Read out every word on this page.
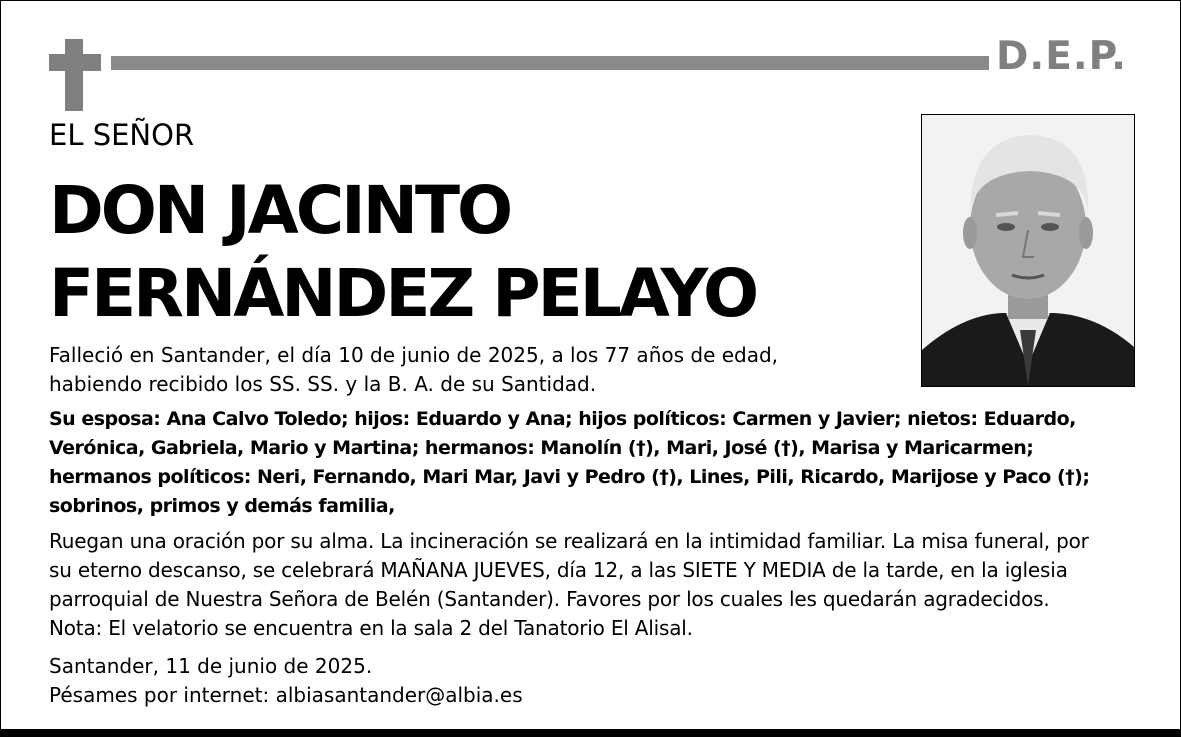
D.E.P.
EL SEÑOR
DON JACINTO
FERNÁNDEZ PELAYO

Falleció en Santander, el día 10 de junio de 2025, a los 77 años de edad,
habiendo recibido los SS. SS. y la B. A. de su Santidad.

Su esposa: Ana Calvo Toledo; hijos: Eduardo y Ana; hijos políticos: Carmen y Javier; nietos: Eduardo,
Verónica, Gabriela, Mario y Martina; hermanos: Manolín (†), Mari, José (†), Marisa y Maricarmen;
hermanos políticos: Neri, Fernando, Mari Mar, Javi y Pedro (†), Lines, Pili, Ricardo, Marijose y Paco (†);
sobrinos, primos y demás familia,

Ruegan una oración por su alma. La incineración se realizará en la intimidad familiar. La misa funeral, por
su eterno descanso, se celebrará MAÑANA JUEVES, día 12, a las SIETE Y MEDIA de la tarde, en la iglesia
parroquial de Nuestra Señora de Belén (Santander). Favores por los cuales les quedarán agradecidos.
Nota: El velatorio se encuentra en la sala 2 del Tanatorio El Alisal.

Santander, 11 de junio de 2025.

Pésames por internet: albiasantander@albia.es
